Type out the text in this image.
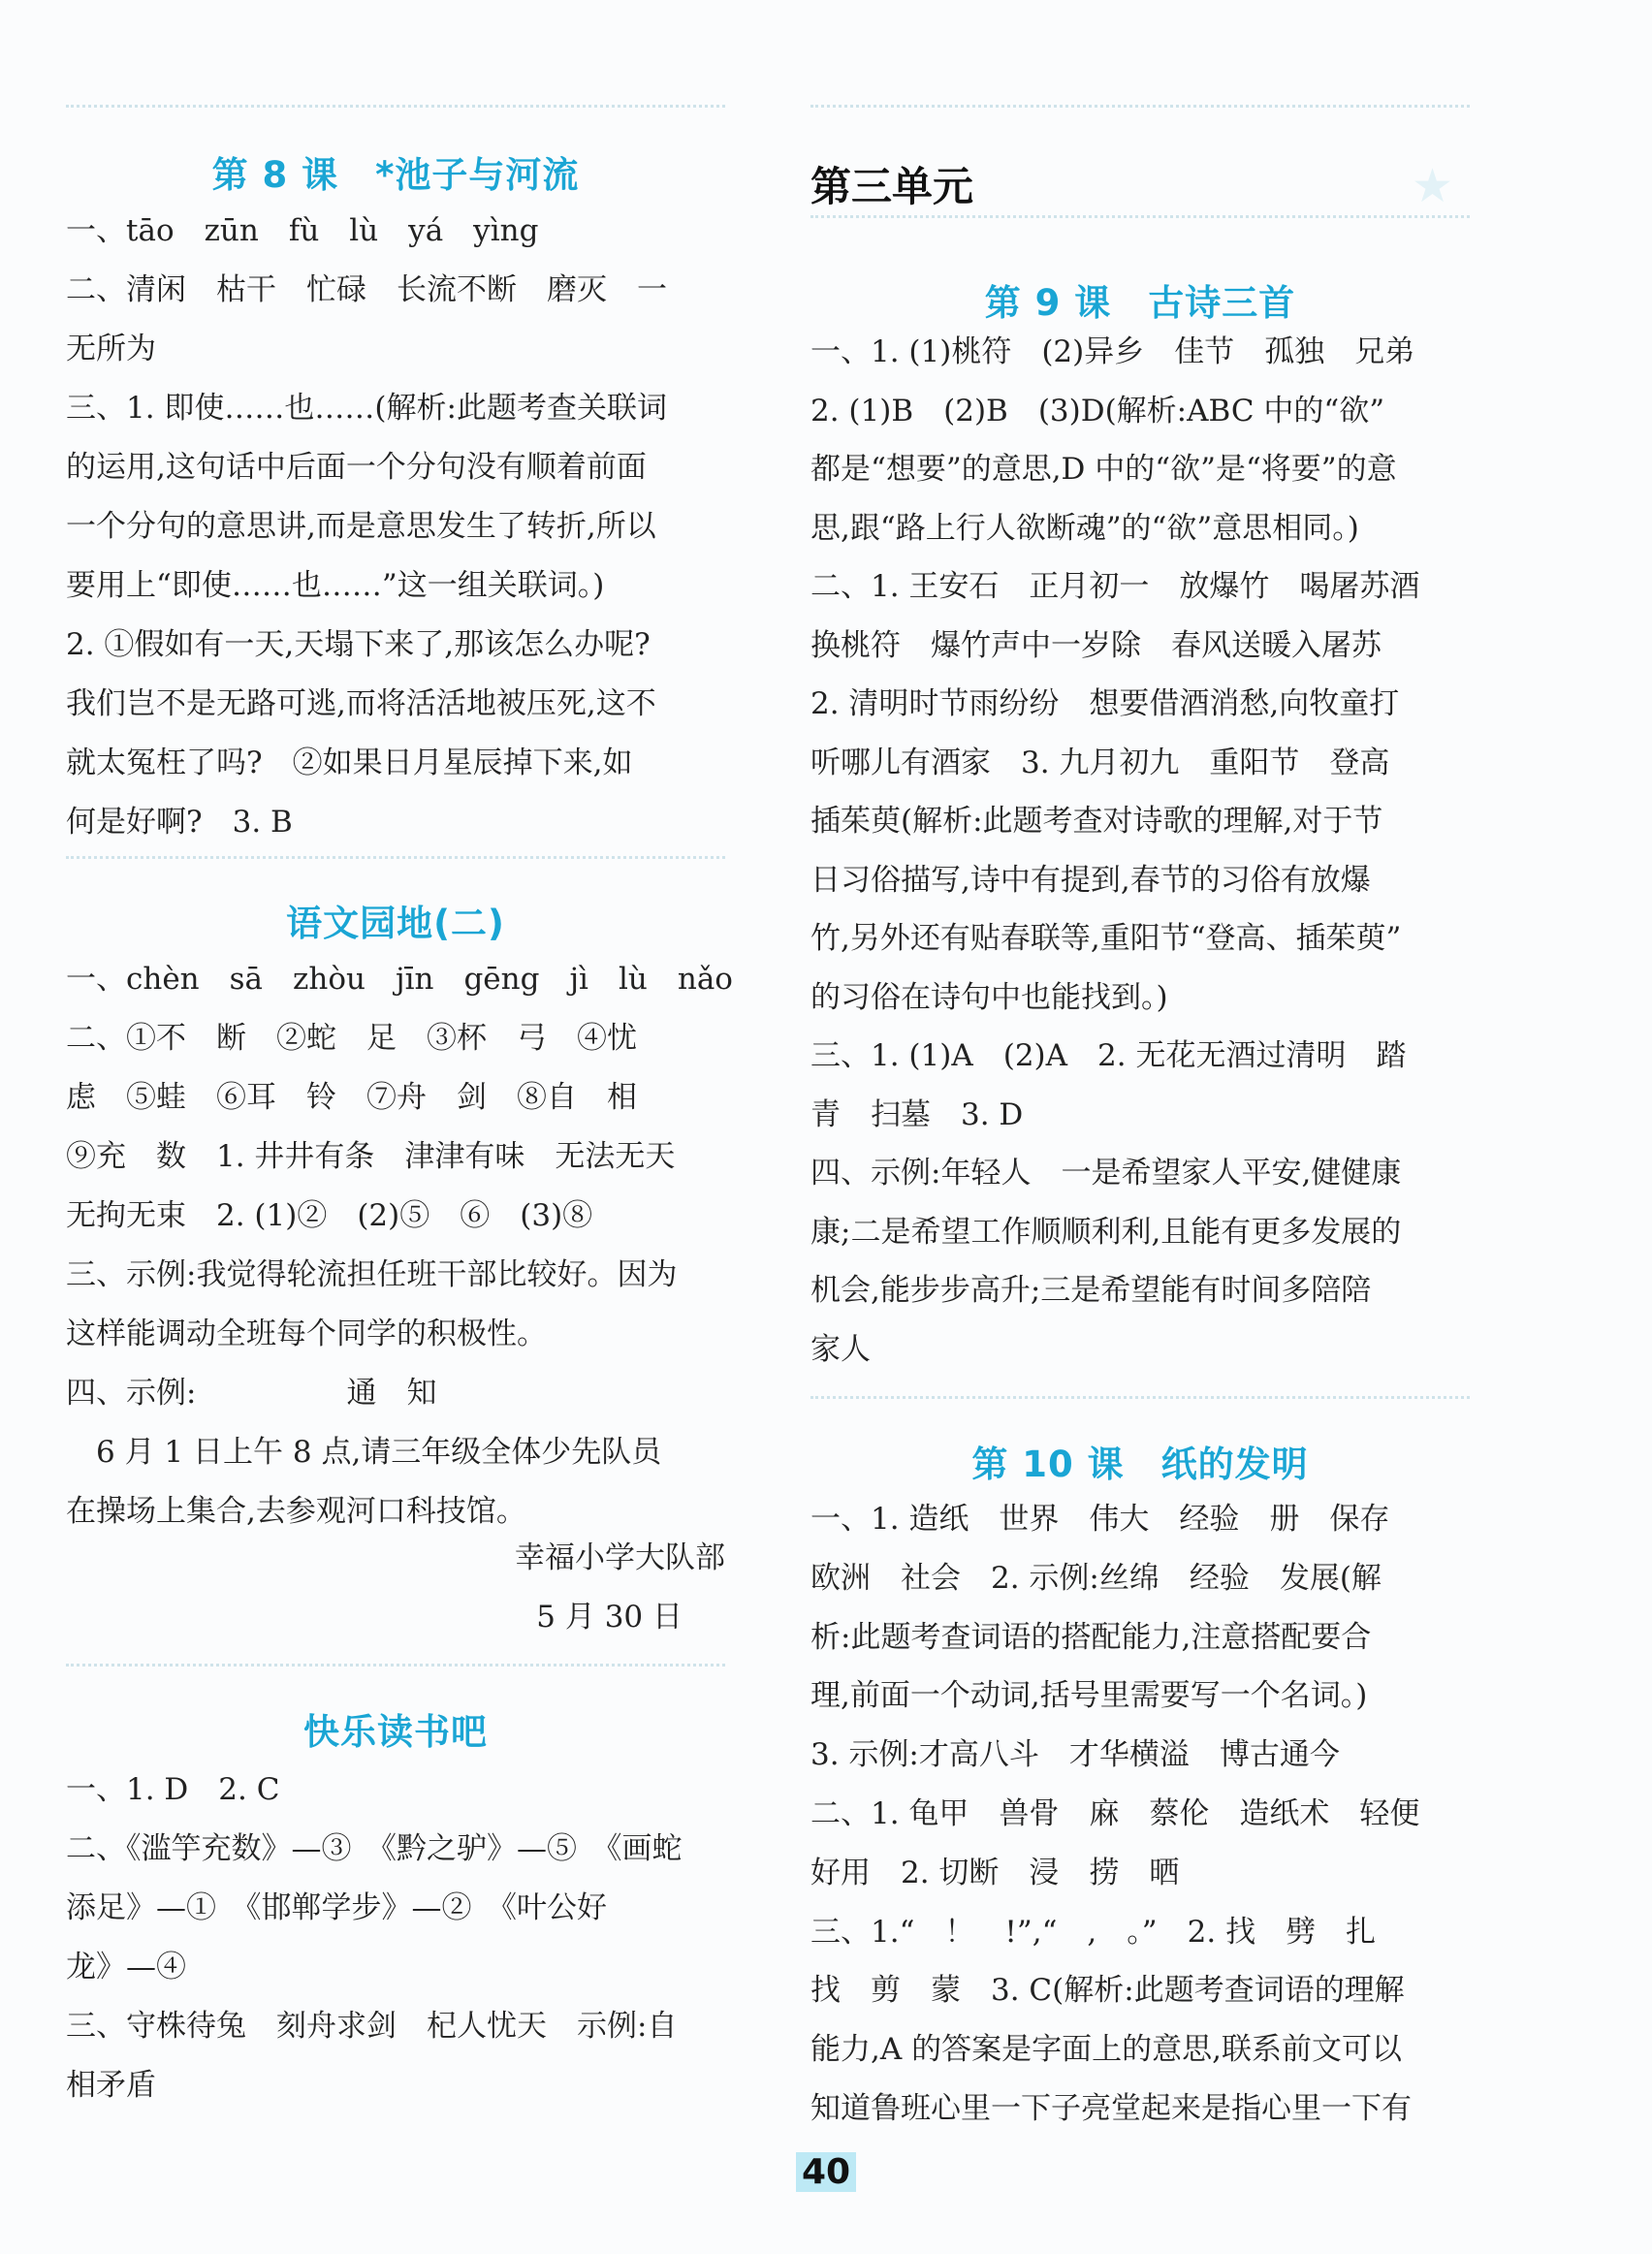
第 8 课　*池子与河流
一、tāo　zūn　fù　lù　yá　yìng
二、清闲　枯干　忙碌　长流不断　磨灭　一
无所为
三、1. 即使……也……(解析:此题考查关联词
的运用,这句话中后面一个分句没有顺着前面
一个分句的意思讲,而是意思发生了转折,所以
要用上“即使……也……”这一组关联词。)
2. ①假如有一天,天塌下来了,那该怎么办呢?
我们岂不是无路可逃,而将活活地被压死,这不
就太冤枉了吗?　②如果日月星辰掉下来,如
何是好啊?　3. B
语文园地(二)
一、chèn　sā　zhòu　jīn　gēng　jì　lù　nǎo
二、①不　断　②蛇　足　③杯　弓　④忧
虑　⑤蛙　⑥耳　铃　⑦舟　剑　⑧自　相
⑨充　数　1. 井井有条　津津有味　无法无天
无拘无束　2. (1)②　(2)⑤　⑥　(3)⑧
三、示例:我觉得轮流担任班干部比较好。因为
这样能调动全班每个同学的积极性。
四、示例:　　　　　通　知
　6 月 1 日上午 8 点,请三年级全体少先队员
在操场上集合,去参观河口科技馆。
幸福小学大队部
5 月 30 日
快乐读书吧
一、1. D　2. C
二、《滥竽充数》—③　《黔之驴》—⑤　《画蛇
添足》—①　《邯郸学步》—②　《叶公好
龙》—④
三、守株待兔　刻舟求剑　杞人忧天　示例:自
相矛盾
第三单元	★
第 9 课　古诗三首
一、1. (1)桃符　(2)异乡　佳节　孤独　兄弟
2. (1)B　(2)B　(3)D(解析:ABC 中的“欲”
都是“想要”的意思,D 中的“欲”是“将要”的意
思,跟“路上行人欲断魂”的“欲”意思相同。)
二、1. 王安石　正月初一　放爆竹　喝屠苏酒
换桃符　爆竹声中一岁除　春风送暖入屠苏
2. 清明时节雨纷纷　想要借酒消愁,向牧童打
听哪儿有酒家　3. 九月初九　重阳节　登高
插茱萸(解析:此题考查对诗歌的理解,对于节
日习俗描写,诗中有提到,春节的习俗有放爆
竹,另外还有贴春联等,重阳节“登高、插茱萸”
的习俗在诗句中也能找到。)
三、1. (1)A　(2)A　2. 无花无酒过清明　踏
青　扫墓　3. D
四、示例:年轻人　一是希望家人平安,健健康
康;二是希望工作顺顺利利,且能有更多发展的
机会,能步步高升;三是希望能有时间多陪陪
家人
第 10 课　纸的发明
一、1. 造纸　世界　伟大　经验　册　保存
欧洲　社会　2. 示例:丝绵　经验　发展(解
析:此题考查词语的搭配能力,注意搭配要合
理,前面一个动词,括号里需要写一个名词。)
3. 示例:才高八斗　才华横溢　博古通今
二、1. 龟甲　兽骨　麻　蔡伦　造纸术　轻便
好用　2. 切断　浸　捞　晒
三、1.“　！　!”,“　,　。”　2. 找　劈　扎
找　剪　蒙　3. C(解析:此题考查词语的理解
能力,A 的答案是字面上的意思,联系前文可以
知道鲁班心里一下子亮堂起来是指心里一下有
40
